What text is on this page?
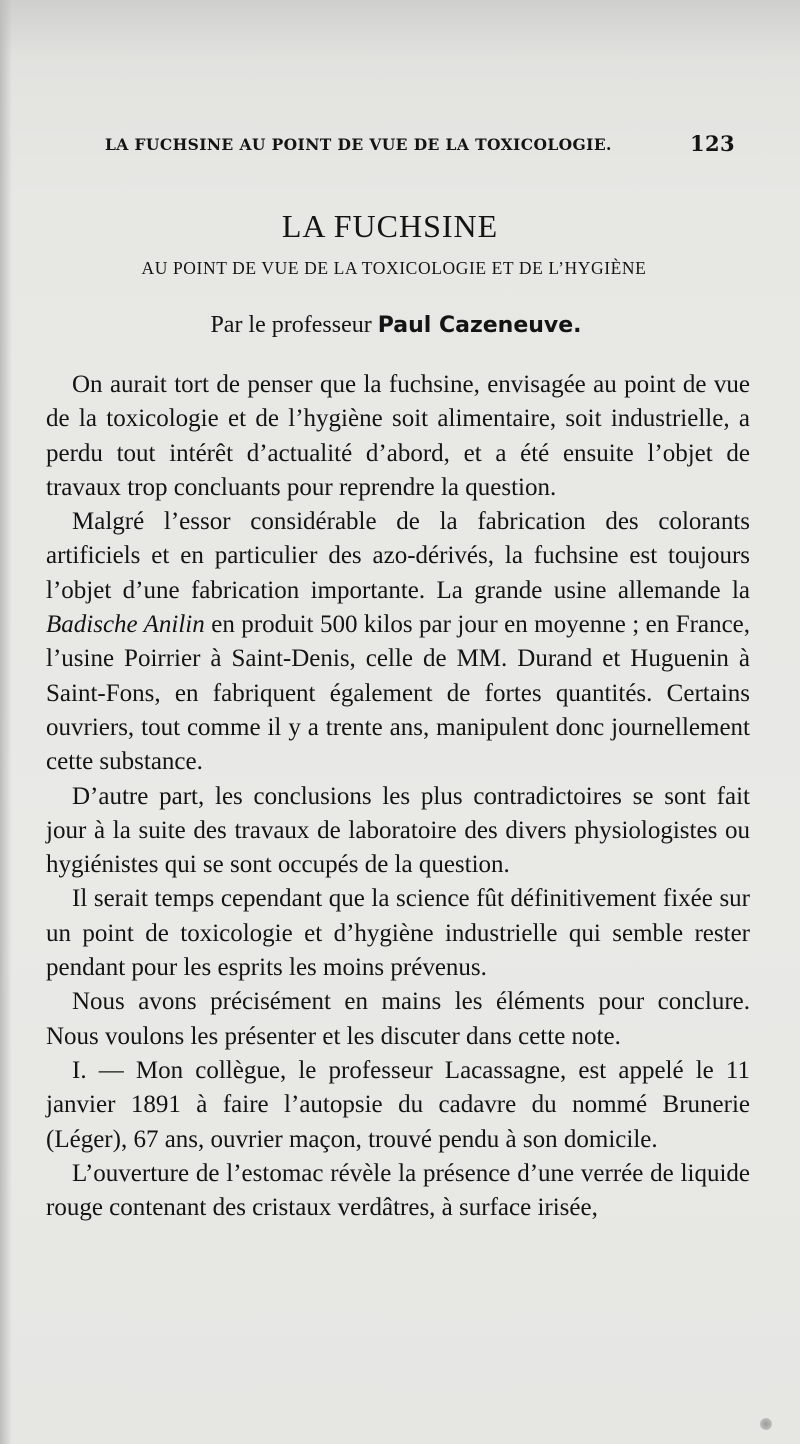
LA FUCHSINE AU POINT DE VUE DE LA TOXICOLOGIE.	123
LA FUCHSINE
AU POINT DE VUE DE LA TOXICOLOGIE ET DE L’HYGIÈNE
Par le professeur Paul Cazeneuve.

On aurait tort de penser que la fuchsine, envisagée au point de vue de la toxicologie et de l’hygiène soit alimentaire, soit industrielle, a perdu tout intérêt d’actualité d’abord, et a été ensuite l’objet de travaux trop concluants pour reprendre la question.

Malgré l’essor considérable de la fabrication des colorants artificiels et en particulier des azo-dérivés, la fuchsine est toujours l’objet d’une fabrication importante. La grande usine allemande la Badische Anilin en produit 500 kilos par jour en moyenne ; en France, l’usine Poirrier à Saint-Denis, celle de MM. Durand et Huguenin à Saint-Fons, en fabriquent également de fortes quantités. Certains ouvriers, tout comme il y a trente ans, manipulent donc journellement cette substance.

D’autre part, les conclusions les plus contradictoires se sont fait jour à la suite des travaux de laboratoire des divers physiologistes ou hygiénistes qui se sont occupés de la question.

Il serait temps cependant que la science fût définitivement fixée sur un point de toxicologie et d’hygiène industrielle qui semble rester pendant pour les esprits les moins prévenus.

Nous avons précisément en mains les éléments pour conclure. Nous voulons les présenter et les discuter dans cette note.

I. — Mon collègue, le professeur Lacassagne, est appelé le 11 janvier 1891 à faire l’autopsie du cadavre du nommé Brunerie (Léger), 67 ans, ouvrier maçon, trouvé pendu à son domicile.

L’ouverture de l’estomac révèle la présence d’une verrée de liquide rouge contenant des cristaux verdâtres, à surface irisée,
